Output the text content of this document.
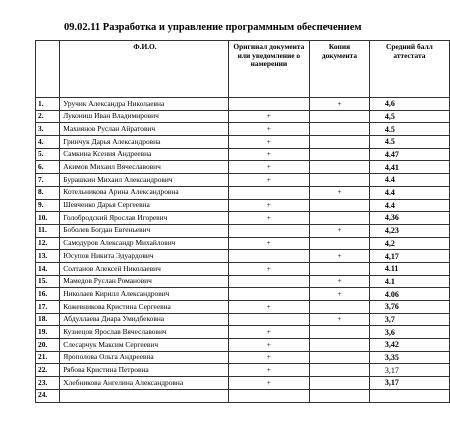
09.02.11 Разработка и управление программным обеспечением
	Ф.И.О.	Оригинал документа или уведомление о намерении	Копия документа	Средний балл аттестата
1.	Уручик Александра Николаевна		+	4,6
2.	Лукониш Иван Владимирович	+		4,5
3.	Махиянов Руслан Айратович	+		4.5
4.	Гринчук Дарья Александровна	+		4.5
5.	Самкина Ксения Андреевна	+		4.47
6.	Акимов Михаил Вячеславович	+		4,41
7.	Бурашкин Михаил Александрович	+		4.4
8.	Котельникова Арина Александровна		+	4.4
9.	Шевченко Дарья Сергеевна	+		4.4
10.	Голобродский Ярослав Игоревич	+		4,36
11.	Боболев Богдан Евгеньевич		+	4,23
12.	Самодуров Александр Михайлович	+		4,2
13.	Юсупов Никита Эдуардович		+	4,17
14.	Солтанов Алексей Николаевич	+		4.11
15.	Мамедов Руслан Романович		+	4.1
16.	Николаев Кирилл Александрович		+	4.06
17.	Кожевникова Кристина Сергеевна	+		3,76
18.	Абдуллаева Диара Умидбековна		+	3,7
19.	Кузнецов Ярослав Вячеславович	+		3,6
20.	Слесарчук Максим Сергеевич	+		3,42
21.	Ярополова Ольга Андреевна	+		3,35
22.	Рябова Кристина Петровна	+		3,17
23.	Хлебникова Ангелина Александровна	+		3,17
24.				
